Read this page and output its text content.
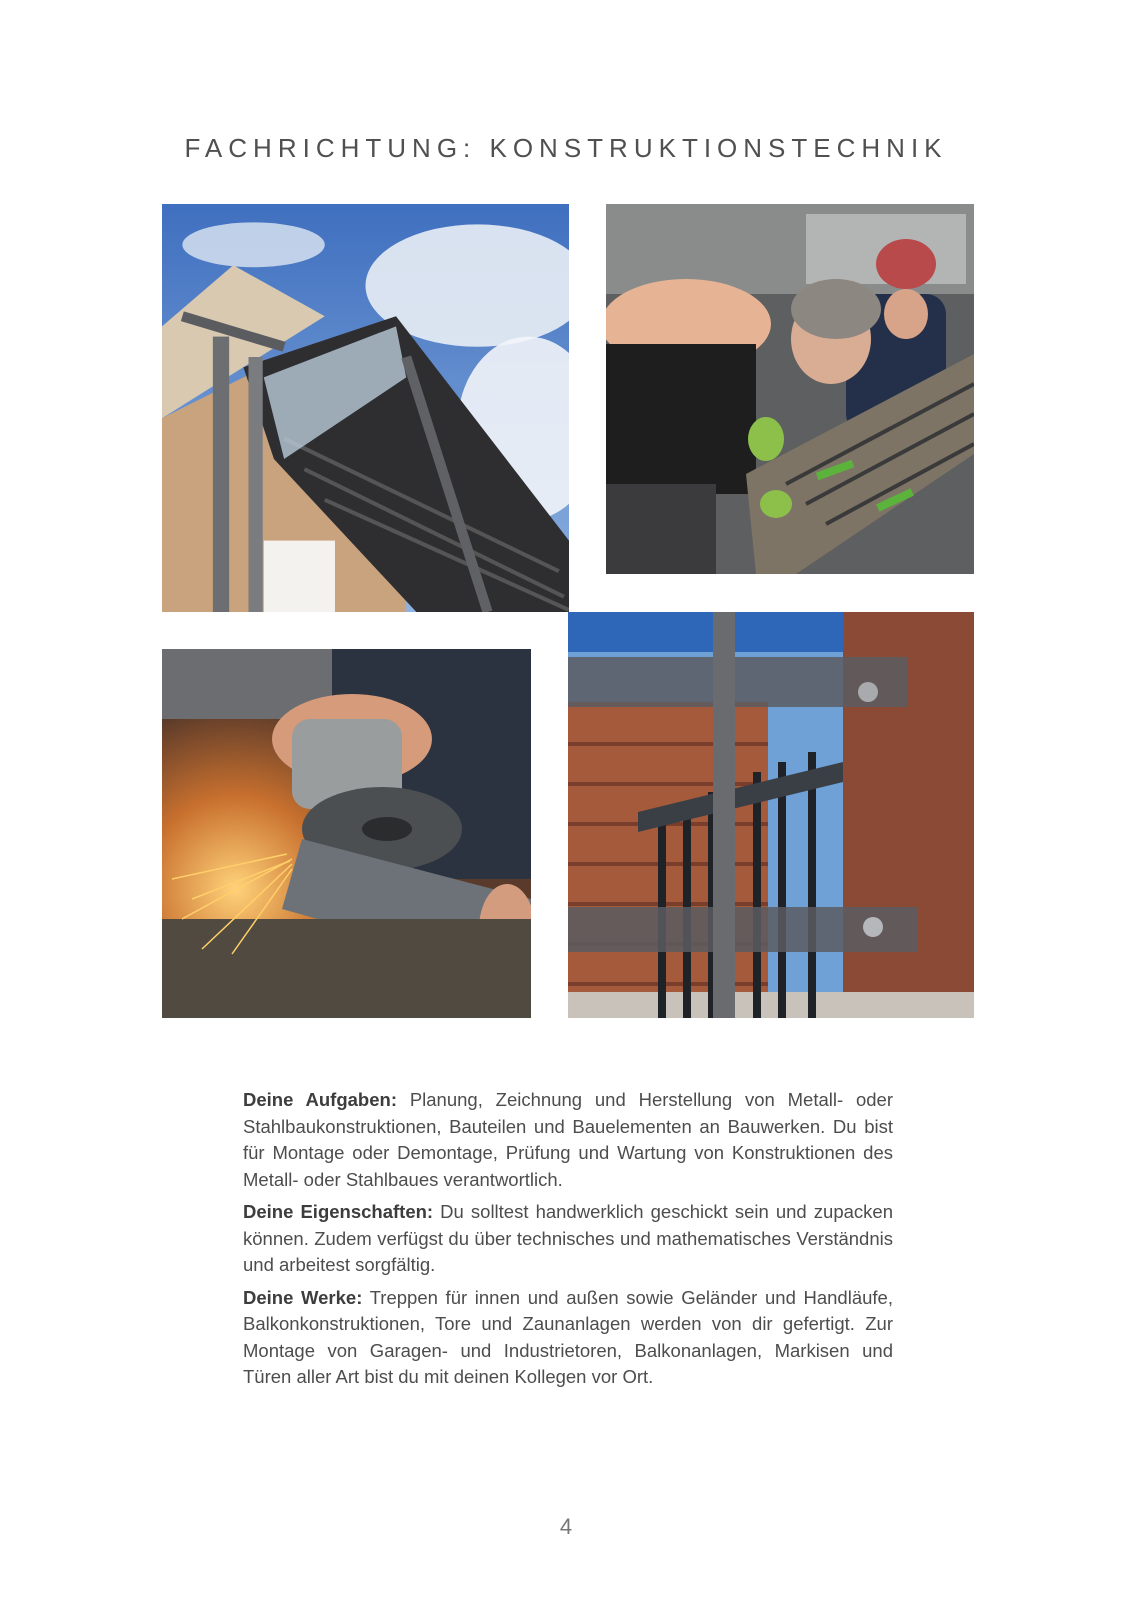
FACHRICHTUNG: KONSTRUKTIONSTECHNIK

Deine Aufgaben: Planung, Zeichnung und Herstellung von Metall- oder Stahlbaukonstruktionen, Bauteilen und Bauelementen an Bauwerken. Du bist für Montage oder Demontage, Prüfung und Wartung von Konstruktionen des Metall- oder Stahlbaues verantwortlich.

Deine Eigenschaften: Du solltest handwerklich geschickt sein und zupacken können. Zudem verfügst du über technisches und mathematisches Verständnis und arbeitest sorgfältig.

Deine Werke: Treppen für innen und außen sowie Geländer und Handläufe, Balkonkonstruktionen, Tore und Zaunanlagen werden von dir gefertigt. Zur Montage von Garagen- und Industrietoren, Balkonanlagen, Markisen und Türen aller Art bist du mit deinen Kollegen vor Ort.

4
